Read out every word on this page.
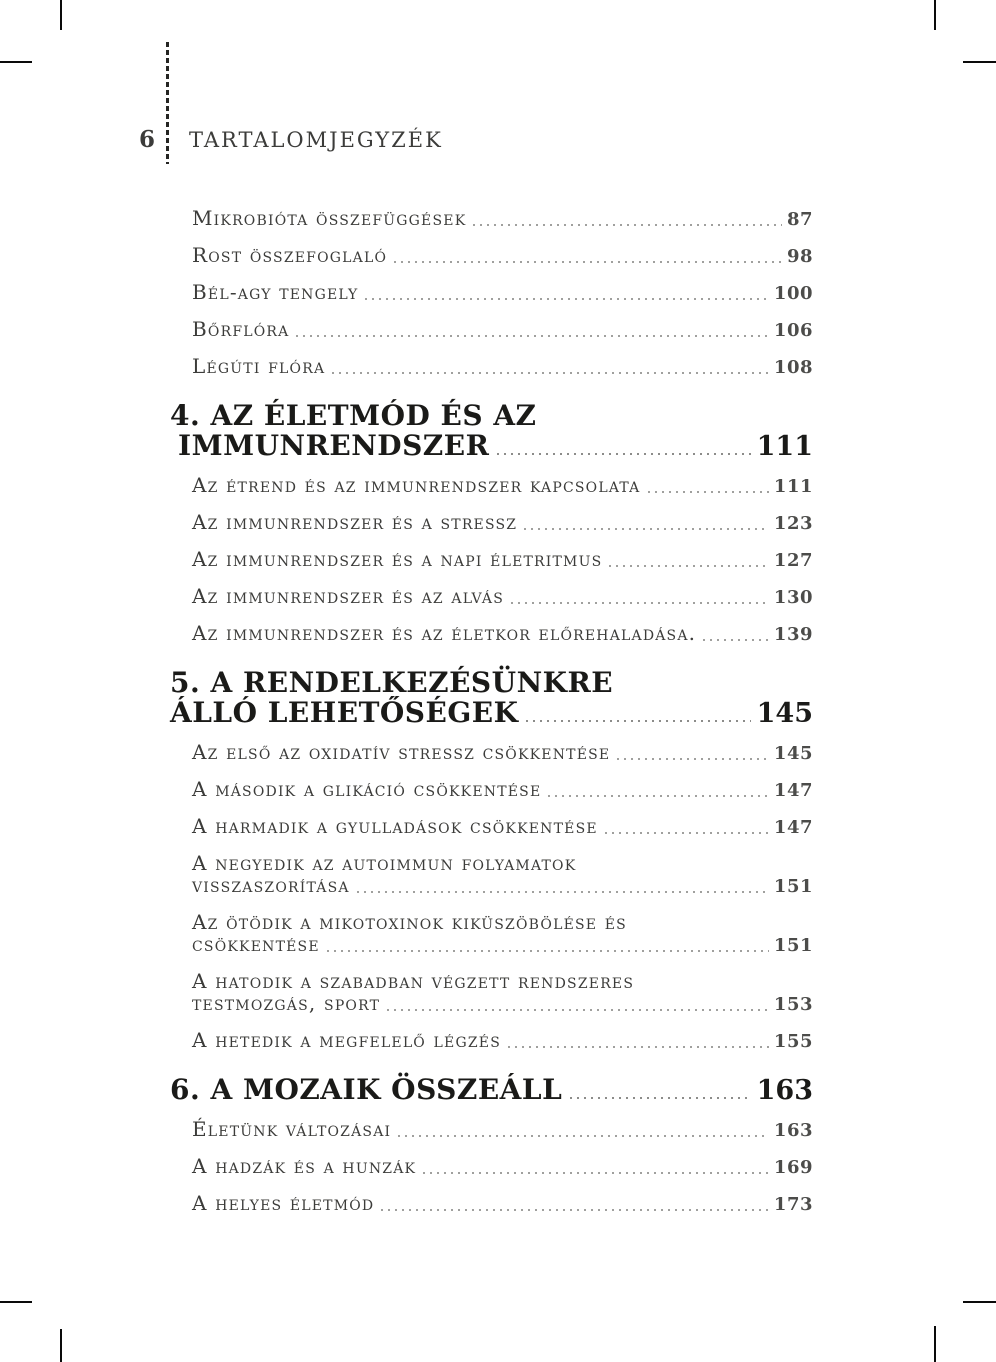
6	TARTALOMJEGYZÉK
Mikrobióta összefüggések	87
Rost összefoglaló	98
Bél-agy tengely	100
Bőrflóra	106
Légúti flóra	108
4. AZ ÉLETMÓD ÉS AZ
IMMUNRENDSZER	111
Az étrend és az immunrendszer kapcsolata	111
Az immunrendszer és a stressz	123
Az immunrendszer és a napi életritmus	127
Az immunrendszer és az alvás	130
Az immunrendszer és az életkor előrehaladása.	139
5. A RENDELKEZÉSÜNKRE
ÁLLÓ LEHETŐSÉGEK	145
Az első az oxidatív stressz csökkentése	145
A második a glikáció csökkentése	147
A harmadik a gyulladások csökkentése	147
A negyedik az autoimmun folyamatok
visszaszorítása	151
Az ötödik a mikotoxinok kiküszöbölése és
csökkentése	151
A hatodik a szabadban végzett rendszeres
testmozgás, sport	153
A hetedik a megfelelő légzés	155
6. A MOZAIK ÖSSZEÁLL	163
Életünk változásai	163
A hadzák és a hunzák	169
A helyes életmód	173
